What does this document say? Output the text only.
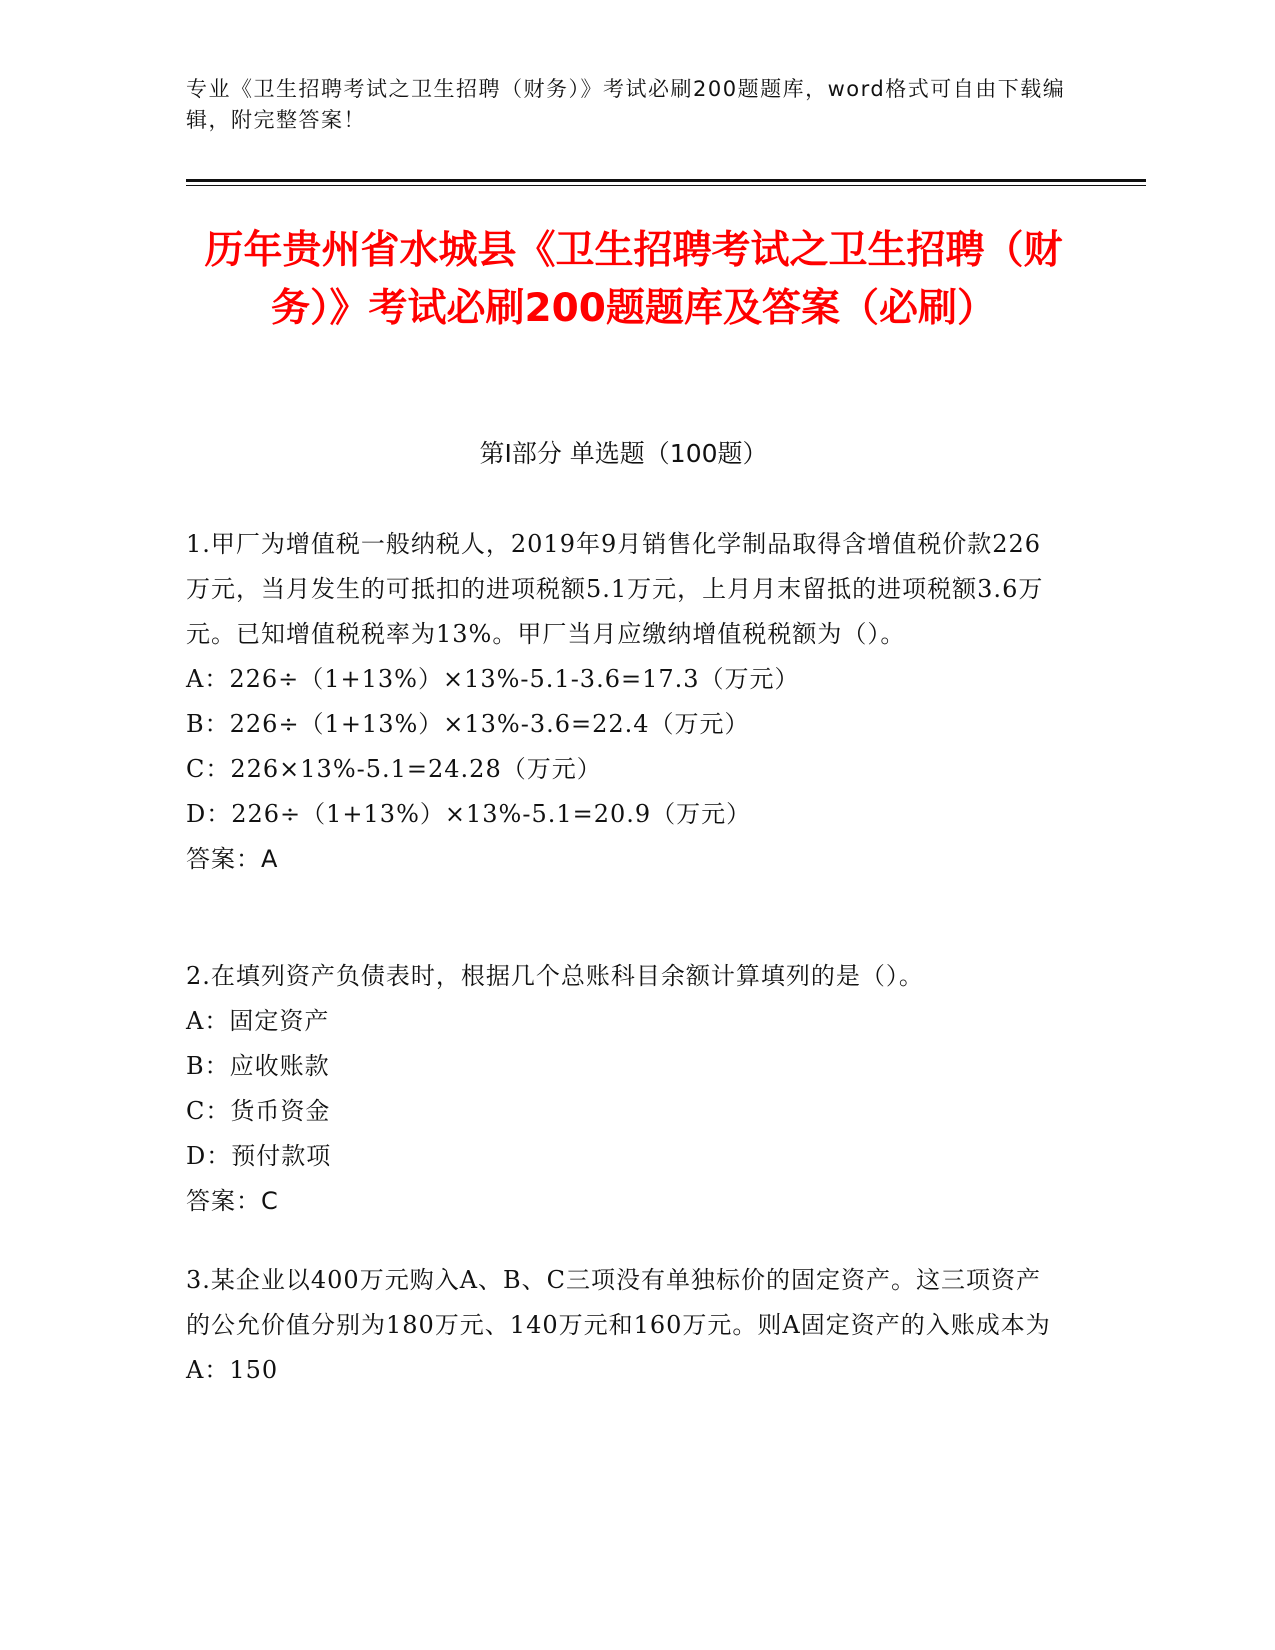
专业《卫生招聘考试之卫生招聘（财务）》考试必刷200题题库，word格式可自由下载编辑，附完整答案！
历年贵州省水城县《卫生招聘考试之卫生招聘（财务）》考试必刷200题题库及答案（必刷）
第I部分 单选题（100题）
1.甲厂为增值税一般纳税人，2019年9月销售化学制品取得含增值税价款226万元，当月发生的可抵扣的进项税额5.1万元，上月月末留抵的进项税额3.6万元。已知增值税税率为13%。甲厂当月应缴纳增值税税额为（）。
A：226÷（1+13%）×13%-5.1-3.6=17.3（万元）
B：226÷（1+13%）×13%-3.6=22.4（万元）
C：226×13%-5.1=24.28（万元）
D：226÷（1+13%）×13%-5.1=20.9（万元）
答案：A
2.在填列资产负债表时，根据几个总账科目余额计算填列的是（）。
A：固定资产
B：应收账款
C：货币资金
D：预付款项
答案：C
3.某企业以400万元购入A、B、C三项没有单独标价的固定资产。这三项资产的公允价值分别为180万元、140万元和160万元。则A固定资产的入账成本为
A：150
